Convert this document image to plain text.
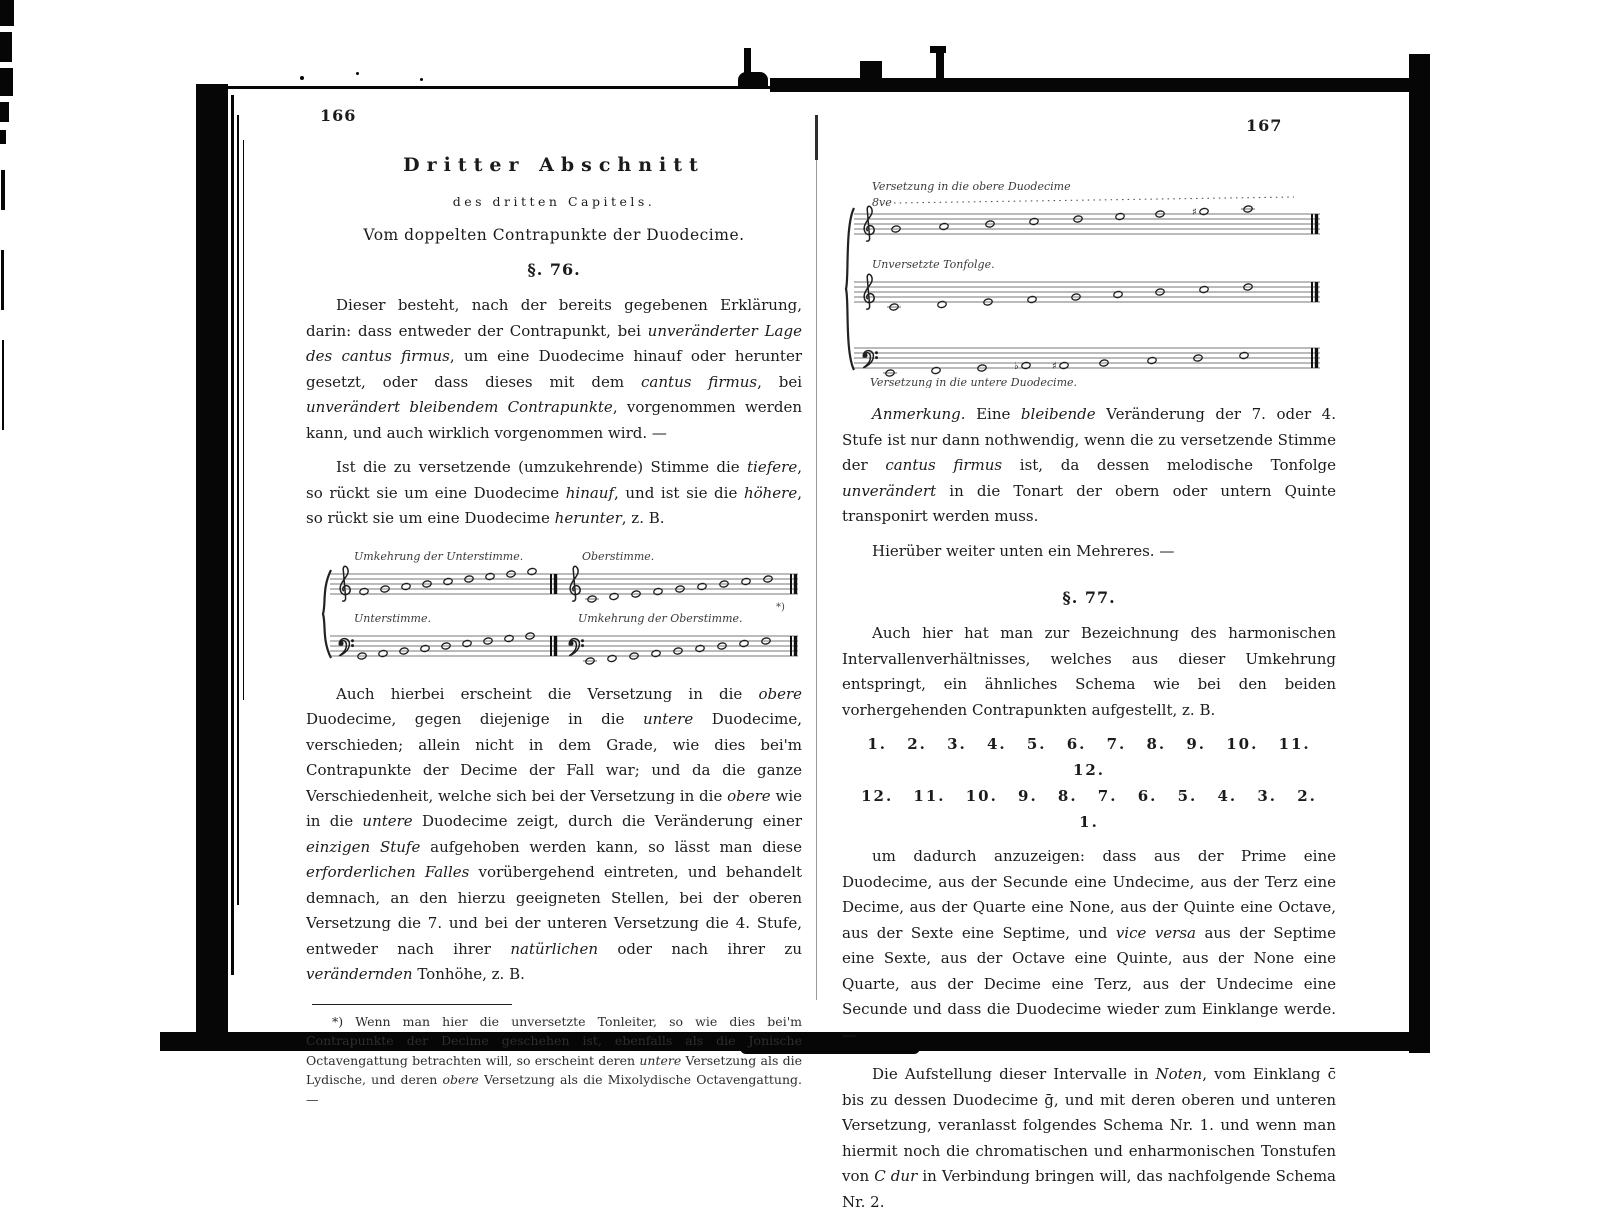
166
167
Dritter Abschnitt
des dritten Capitels.
Vom doppelten Contrapunkte der Duodecime.
§. 76.

Dieser besteht, nach der bereits gegebenen Erklärung, darin: dass entweder der Contrapunkt, bei unveränderter Lage des cantus firmus, um eine Duodecime hinauf oder herunter gesetzt, oder dass dieses mit dem cantus firmus, bei unverändert bleibendem Contrapunkte, vorgenommen werden kann, und auch wirklich vorgenommen wird. —

Ist die zu versetzende (umzukehrende) Stimme die tiefere, so rückt sie um eine Duodecime hinauf, und ist sie die höhere, so rückt sie um eine Duodecime herunter, z. B.

Umkehrung der Unterstimme.	Oberstimme.
Unterstimme.	Umkehrung der Oberstimme.
*)

Auch hierbei erscheint die Versetzung in die obere Duodecime, gegen diejenige in die untere Duodecime, verschieden; allein nicht in dem Grade, wie dies bei'm Contrapunkte der Decime der Fall war; und da die ganze Verschiedenheit, welche sich bei der Versetzung in die obere wie in die untere Duodecime zeigt, durch die Veränderung einer einzigen Stufe aufgehoben werden kann, so lässt man diese erforderlichen Falles vorübergehend eintreten, und behandelt demnach, an den hierzu geeigneten Stellen, bei der oberen Versetzung die 7. und bei der unteren Versetzung die 4. Stufe, entweder nach ihrer natürlichen oder nach ihrer zu verändernden Tonhöhe, z. B.

*) Wenn man hier die unversetzte Tonleiter, so wie dies bei'm Contrapunkte der Decime geschehen ist, ebenfalls als die Jonische Octavengattung betrachten will, so erscheint deren untere Versetzung als die Lydische, und deren obere Versetzung als die Mixolydische Octavengattung. —

♯
Versetzung in die obere Duodecime
8ve
Unversetzte Tonfolge.
♭	♯
Versetzung in die untere Duodecime.

Anmerkung. Eine bleibende Veränderung der 7. oder 4. Stufe ist nur dann nothwendig, wenn die zu versetzende Stimme der cantus firmus ist, da dessen melodische Tonfolge unverändert in die Tonart der obern oder untern Quinte transponirt werden muss.

Hierüber weiter unten ein Mehreres. —

§. 77.

Auch hier hat man zur Bezeichnung des harmonischen Intervallenverhältnisses, welches aus dieser Umkehrung entspringt, ein ähnliches Schema wie bei den beiden vorhergehenden Contrapunkten aufgestellt, z. B.

1. 2. 3. 4. 5. 6. 7. 8. 9. 10. 11. 12.
12. 11. 10. 9. 8. 7. 6. 5. 4. 3. 2. 1.

um dadurch anzuzeigen: dass aus der Prime eine Duodecime, aus der Secunde eine Undecime, aus der Terz eine Decime, aus der Quarte eine None, aus der Quinte eine Octave, aus der Sexte eine Septime, und vice versa aus der Septime eine Sexte, aus der Octave eine Quinte, aus der None eine Quarte, aus der Decime eine Terz, aus der Undecime eine Secunde und dass die Duodecime wieder zum Einklange werde. —

Die Aufstellung dieser Intervalle in Noten, vom Einklang c̄ bis zu dessen Duodecime ḡ, und mit deren oberen und unteren Versetzung, veranlasst folgendes Schema Nr. 1. und wenn man hiermit noch die chromatischen und enharmonischen Tonstufen von C dur in Verbindung bringen will, das nachfolgende Schema Nr. 2.
